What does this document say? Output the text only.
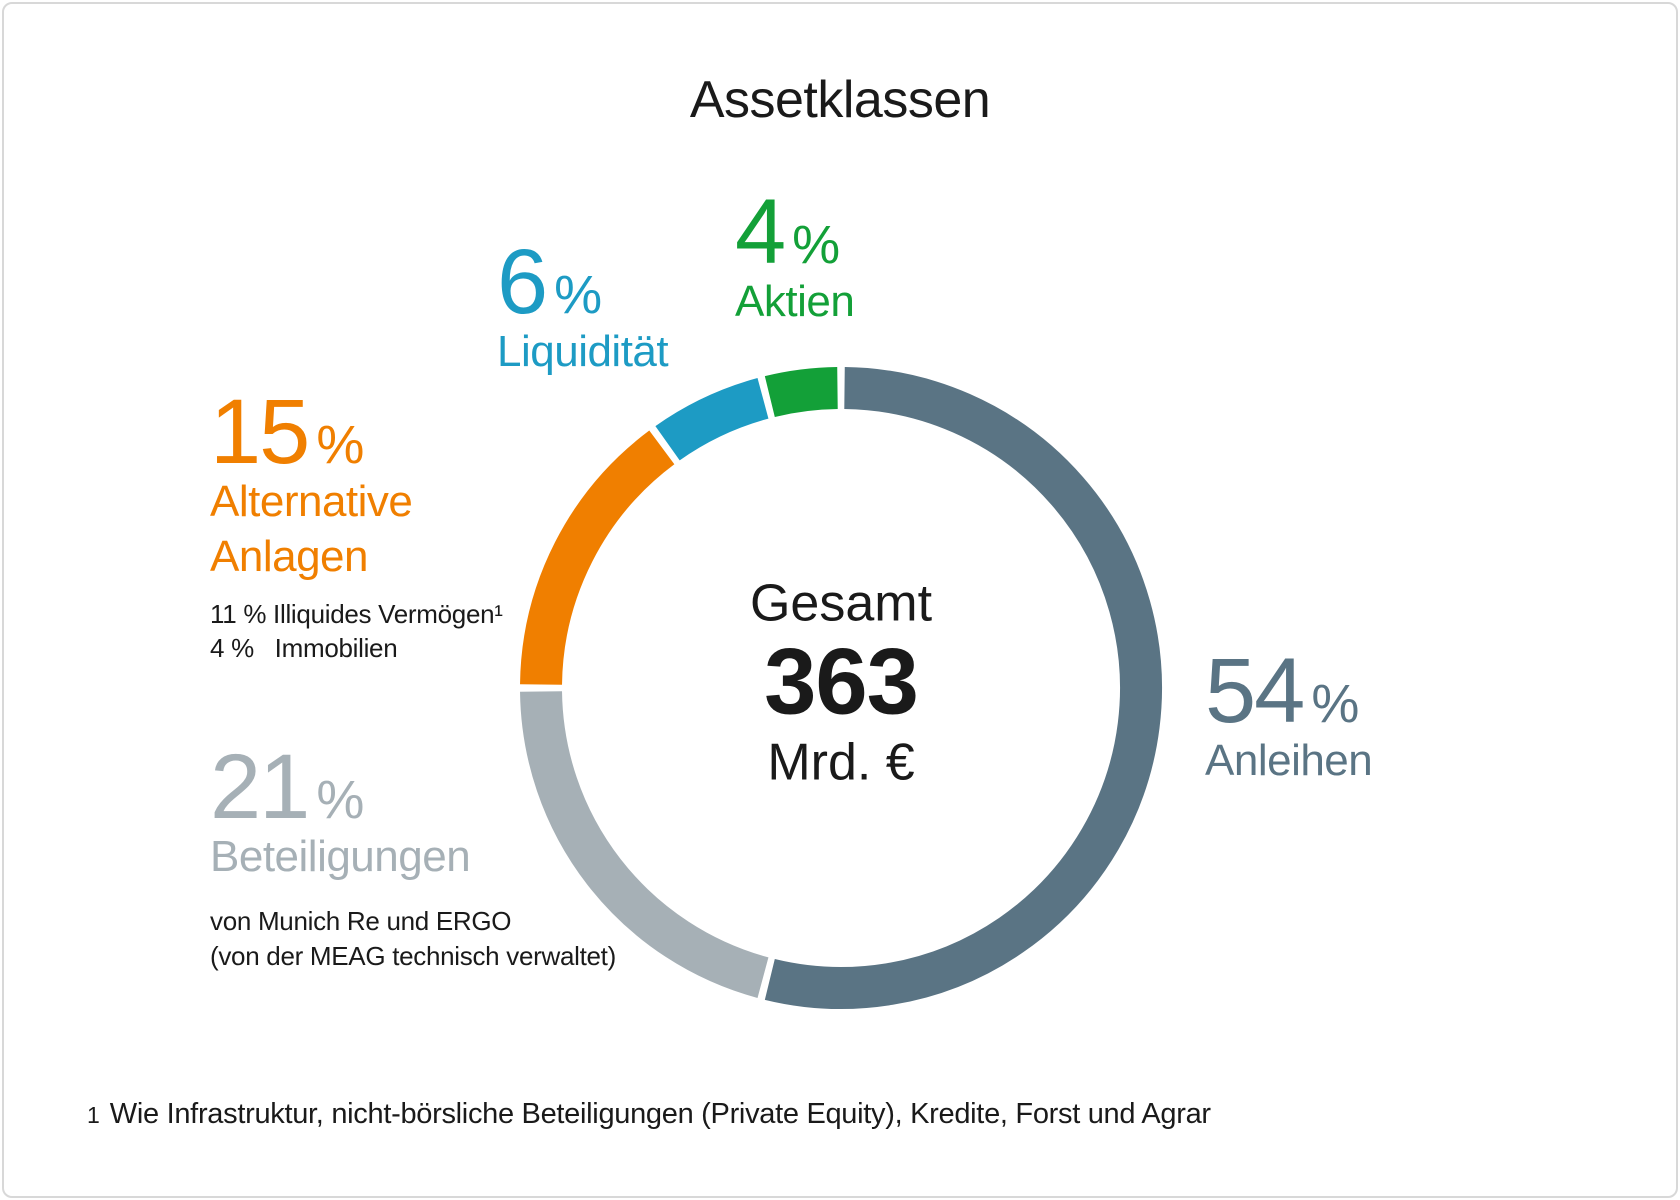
Assetklassen
4 %
Aktien
6 %
Liquidität
15 %
Alternative Anlagen
11 % Illiquides Vermögen¹
4 %   Immobilien
21 %
Beteiligungen
von Munich Re und ERGO
(von der MEAG technisch verwaltet)
54 %
Anleihen
Gesamt
363
Mrd. €
1 Wie Infrastruktur, nicht-börsliche Beteiligungen (Private Equity), Kredite, Forst und Agrar
